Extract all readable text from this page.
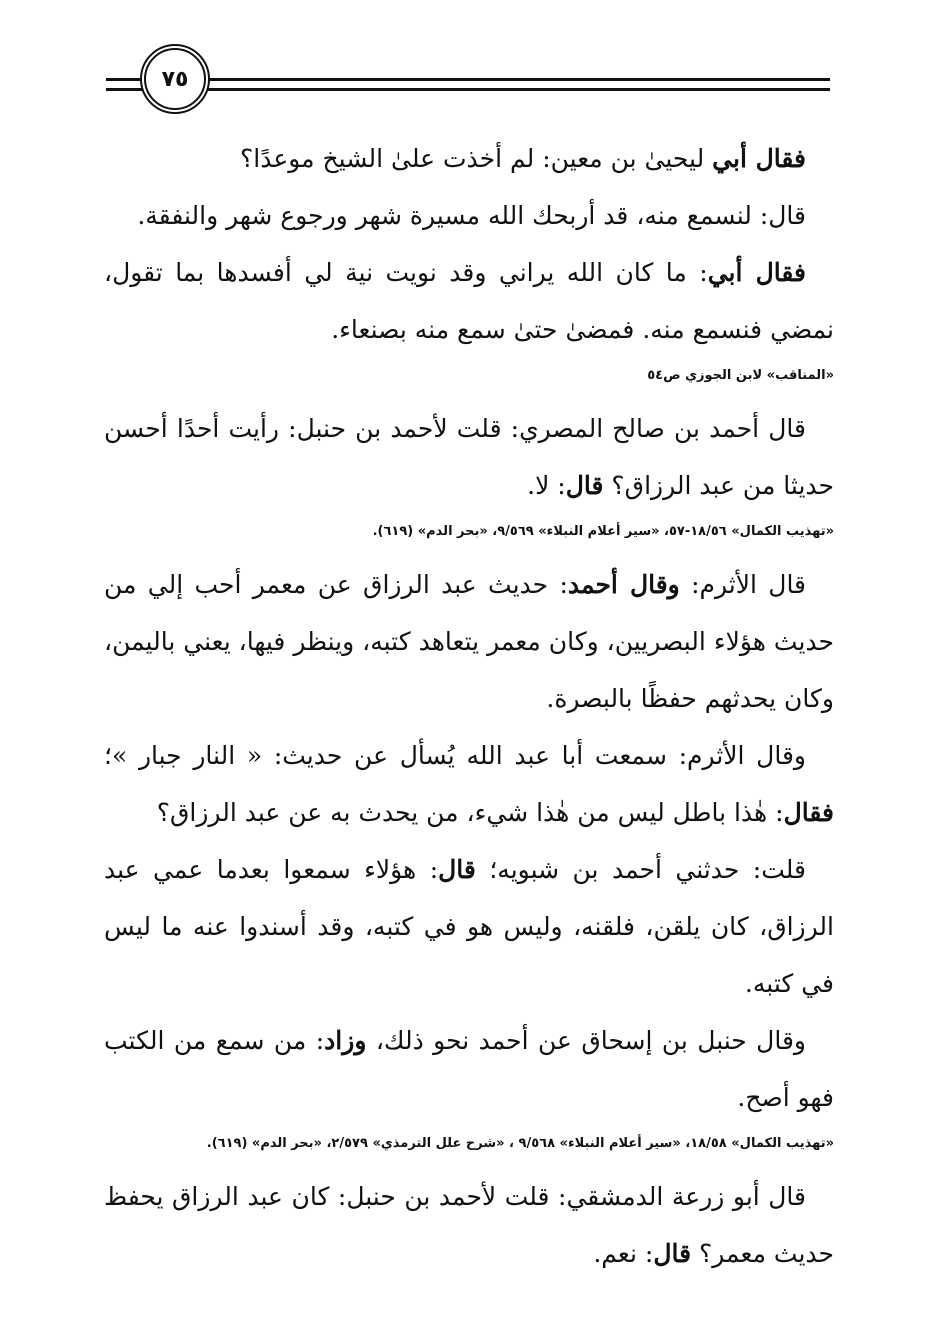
٧٥

فقال أبي ليحيىٰ بن معين: لم أخذت علىٰ الشيخ موعدًا؟

قال: لنسمع منه، قد أربحك الله مسيرة شهر ورجوع شهر والنفقة.

فقال أبي: ما كان الله يراني وقد نويت نية لي أفسدها بما تقول، نمضي فنسمع منه. فمضىٰ حتىٰ سمع منه بصنعاء.

«المناقب» لابن الجوزي ص٥٤

قال أحمد بن صالح المصري: قلت لأحمد بن حنبل: رأيت أحدًا أحسن حديثا من عبد الرزاق؟ قال: لا.

«تهذيب الكمال» ١٨/٥٦-٥٧، «سير أعلام النبلاء» ٩/٥٦٩، «بحر الدم» (٦١٩).

قال الأثرم: وقال أحمد: حديث عبد الرزاق عن معمر أحب إلي من حديث هؤلاء البصريين، وكان معمر يتعاهد كتبه، وينظر فيها، يعني باليمن، وكان يحدثهم حفظًا بالبصرة.

وقال الأثرم: سمعت أبا عبد الله يُسأل عن حديث: « النار جبار »؛ فقال: هٰذا باطل ليس من هٰذا شيء، من يحدث به عن عبد الرزاق؟

قلت: حدثني أحمد بن شبويه؛ قال: هؤلاء سمعوا بعدما عمي عبد الرزاق، كان يلقن، فلقنه، وليس هو في كتبه، وقد أسندوا عنه ما ليس في كتبه.

وقال حنبل بن إسحاق عن أحمد نحو ذلك، وزاد: من سمع من الكتب فهو أصح.

«تهذيب الكمال» ١٨/٥٨، «سير أعلام النبلاء» ٩/٥٦٨ ، «شرح علل الترمذي» ٢/٥٧٩، «بحر الدم» (٦١٩).

قال أبو زرعة الدمشقي: قلت لأحمد بن حنبل: كان عبد الرزاق يحفظ حديث معمر؟ قال: نعم.
